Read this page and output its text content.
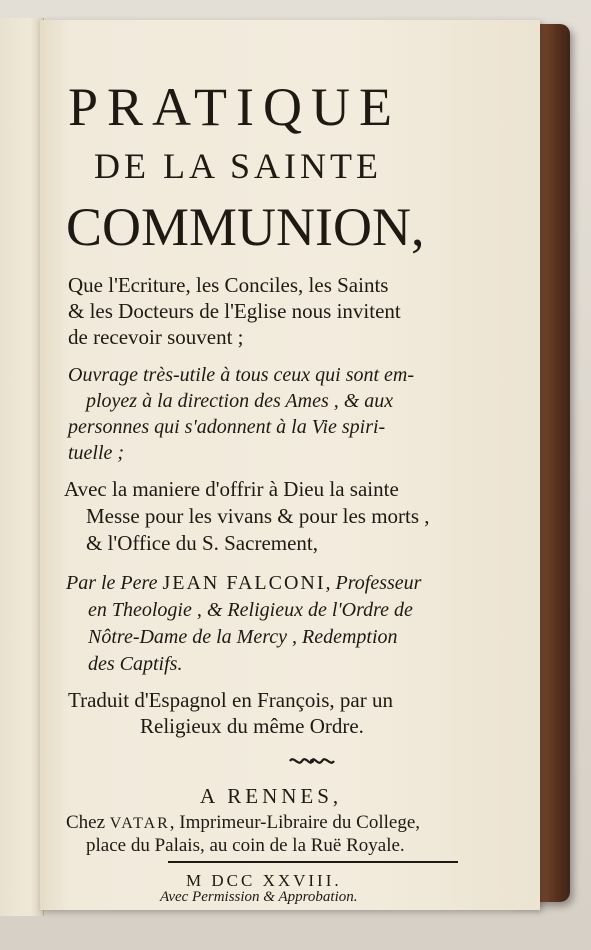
PRATIQUE
DE LA SAINTE
COMMUNION,
Que l'Ecriture, les Conciles, les Saints
& les Docteurs de l'Eglise nous invitent
de recevoir souvent ;
Ouvrage très-utile à tous ceux qui sont em-
ployez à la direction des Ames , & aux
personnes qui s'adonnent à la Vie spiri-
tuelle ;
Avec la maniere d'offrir à Dieu la sainte
Messe pour les vivans & pour les morts ,
& l'Office du S. Sacrement,
Par le Pere JEAN FALCONI, Professeur
en Theologie , & Religieux de l'Ordre de
Nôtre-Dame de la Mercy , Redemption
des Captifs.
Traduit d'Espagnol en François, par un
Religieux du même Ordre.
A RENNES,
Chez VATAR, Imprimeur-Libraire du College,
place du Palais, au coin de la Ruë Royale.
M DCC XXVIII.
Avec Permission & Approbation.
